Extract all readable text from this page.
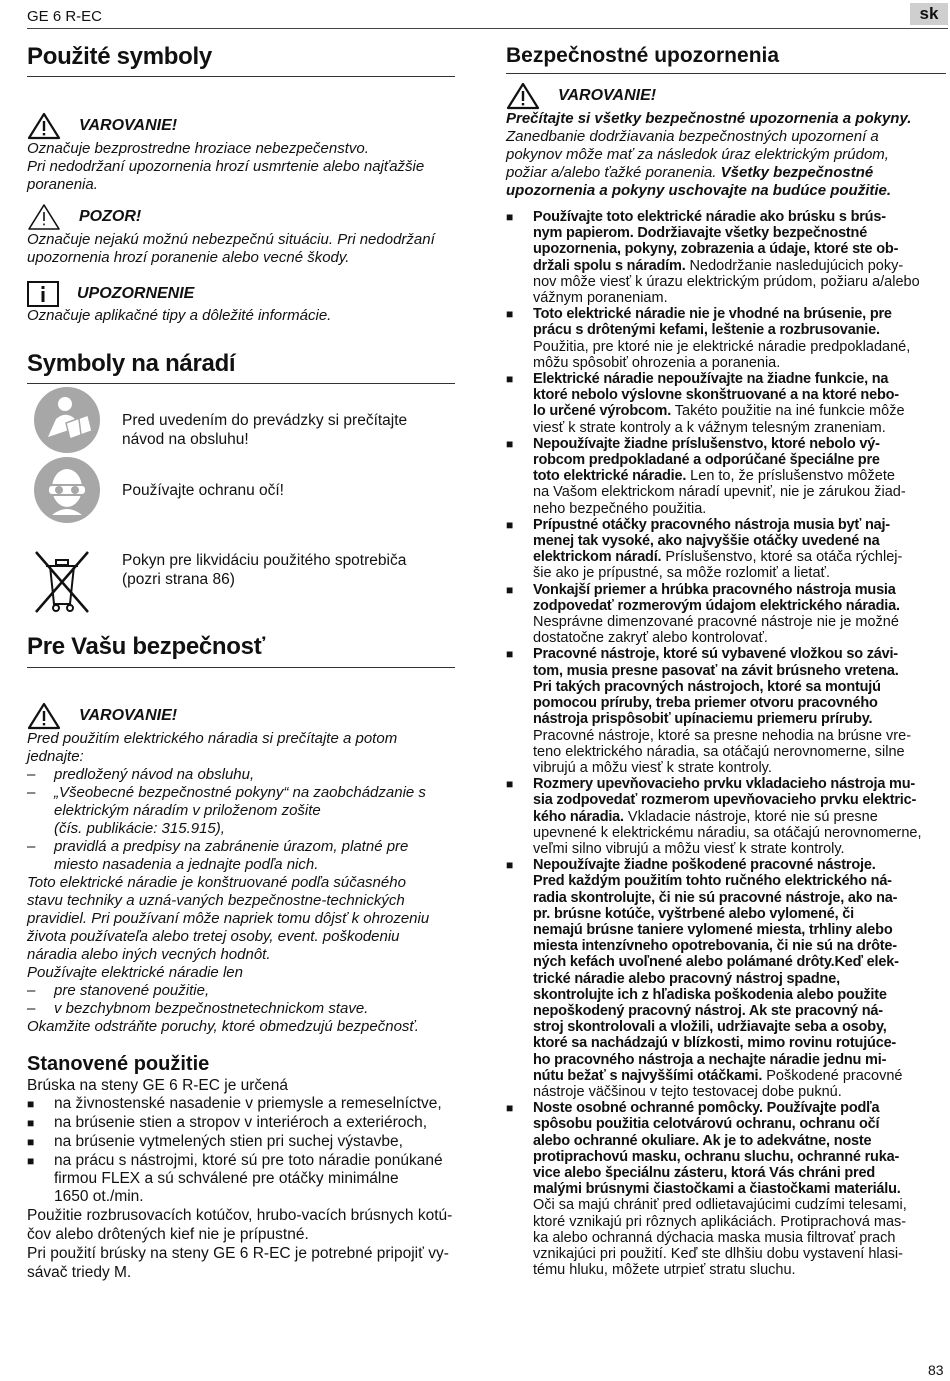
GE 6 R-EC	sk
Použité symboly
VAROVANIE!
Označuje bezprostredne hroziace nebezpečenstvo.
Pri nedodržaní upozornenia hrozí usmrtenie alebo najťažšie
poranenia.
POZOR!
Označuje nejakú možnú nebezpečnú situáciu. Pri nedodržaní
upozornenia hrozí poranenie alebo vecné škody.
UPOZORNENIE
Označuje aplikačné tipy a dôležité informácie.
Symboly na náradí
Pred uvedením do prevádzky si prečítajte
návod na obsluhu!
Používajte ochranu očí!
Pokyn pre likvidáciu použitého spotrebiča
(pozri strana 86)
Pre Vašu bezpečnosť
VAROVANIE!
Pred použitím elektrického náradia si prečítajte a potom
jednajte:
–	predložený návod na obsluhu,
–	„Všeobecné bezpečnostné pokyny“ na zaobchádzanie s
elektrickým náradím v priloženom zošite
(čís. publikácie: 315.915),
–	pravidlá a predpisy na zabránenie úrazom, platné pre
miesto nasadenia a jednajte podľa nich.
Toto elektrické náradie je konštruované podľa súčasného
stavu techniky a uzná-vaných bezpečnostne-technických
pravidiel. Pri používaní môže napriek tomu dôjsť k ohrozeniu
života používateľa alebo tretej osoby, event. poškodeniu
náradia alebo iných vecných hodnôt.
Používajte elektrické náradie len
–	pre stanovené použitie,
–	v bezchybnom bezpečnostnetechnickom stave.
Okamžite odstráňte poruchy, ktoré obmedzujú bezpečnosť.
Stanovené použitie
Brúska na steny GE 6 R-EC je určená
■	na živnostenské nasadenie v priemysle a remeselníctve,
■	na brúsenie stien a stropov v interiéroch a exteriéroch,
■	na brúsenie vytmelených stien pri suchej výstavbe,
■	na prácu s nástrojmi, ktoré sú pre toto náradie ponúkané
firmou FLEX a sú schválené pre otáčky minimálne
1650 ot./min.
Použitie rozbrusovacích kotúčov, hrubo-vacích brúsnych kotú-
čov alebo drôtených kief nie je prípustné.
Pri použití brúsky na steny GE 6 R-EC je potrebné pripojiť vy-
sávač triedy M.
Bezpečnostné upozornenia
VAROVANIE!
Prečítajte si všetky bezpečnostné upozornenia a pokyny.
Zanedbanie dodržiavania bezpečnostných upozornení a
pokynov môže mať za následok úraz elektrickým prúdom,
požiar a/alebo ťažké poranenia. Všetky bezpečnostné
upozornenia a pokyny uschovajte na budúce použitie.
■	Používajte toto elektrické náradie ako brúsku s brús-
nym papierom. Dodržiavajte všetky bezpečnostné
upozornenia, pokyny, zobrazenia a údaje, ktoré ste ob-
držali spolu s náradím. Nedodržanie nasledujúcich poky-
nov môže viesť k úrazu elektrickým prúdom, požiaru a/alebo
vážnym poraneniam.
■	Toto elektrické náradie nie je vhodné na brúsenie, pre
prácu s drôtenými kefami, leštenie a rozbrusovanie.
Použitia, pre ktoré nie je elektrické náradie predpokladané,
môžu spôsobiť ohrozenia a poranenia.
■	Elektrické náradie nepoužívajte na žiadne funkcie, na
ktoré nebolo výslovne skonštruované a na ktoré nebo-
lo určené výrobcom. Takéto použitie na iné funkcie môže
viesť k strate kontroly a k vážnym telesným zraneniam.
■	Nepoužívajte žiadne príslušenstvo, ktoré nebolo vý-
robcom predpokladané a odporúčané špeciálne pre
toto elektrické náradie. Len to, že príslušenstvo môžete
na Vašom elektrickom náradí upevniť, nie je zárukou žiad-
neho bezpečného použitia.
■	Prípustné otáčky pracovného nástroja musia byť naj-
menej tak vysoké, ako najvyššie otáčky uvedené na
elektrickom náradí. Príslušenstvo, ktoré sa otáča rýchlej-
šie ako je prípustné, sa môže rozlomiť a lietať.
■	Vonkajší priemer a hrúbka pracovného nástroja musia
zodpovedať rozmerovým údajom elektrického náradia.
Nesprávne dimenzované pracovné nástroje nie je možné
dostatočne zakryť alebo kontrolovať.
■	Pracovné nástroje, ktoré sú vybavené vložkou so závi-
tom, musia presne pasovať na závit brúsneho vretena.
Pri takých pracovných nástrojoch, ktoré sa montujú
pomocou príruby, treba priemer otvoru pracovného
nástroja prispôsobiť upínaciemu priemeru príruby.
Pracovné nástroje, ktoré sa presne nehodia na brúsne vre-
teno elektrického náradia, sa otáčajú nerovnomerne, silne
vibrujú a môžu viesť k strate kontroly.
■	Rozmery upevňovacieho prvku vkladacieho nástroja mu-
sia zodpovedať rozmerom upevňovacieho prvku elektric-
kého náradia. Vkladacie nástroje, ktoré nie sú presne
upevnené k elektrickému náradiu, sa otáčajú nerovnomerne,
veľmi silno vibrujú a môžu viesť k strate kontroly.
■	Nepoužívajte žiadne poškodené pracovné nástroje.
Pred každým použitím tohto ručného elektrického ná-
radia skontrolujte, či nie sú pracovné nástroje, ako na-
pr. brúsne kotúče, vyštrbené alebo vylomené, či
nemajú brúsne taniere vylomené miesta, trhliny alebo
miesta intenzívneho opotrebovania, či nie sú na drôte-
ných kefách uvoľnené alebo polámané drôty.Keď elek-
trické náradie alebo pracovný nástroj spadne,
skontrolujte ich z hľadiska poškodenia alebo použite
nepoškodený pracovný nástroj. Ak ste pracovný ná-
stroj skontrolovali a vložili, udržiavajte seba a osoby,
ktoré sa nachádzajú v blízkosti, mimo rovinu rotujúce-
ho pracovného nástroja a nechajte náradie jednu mi-
nútu bežať s najvyššími otáčkami. Poškodené pracovné
nástroje väčšinou v tejto testovacej dobe puknú.
■	Noste osobné ochranné pomôcky. Používajte podľa
spôsobu použitia celotvárovú ochranu, ochranu očí
alebo ochranné okuliare. Ak je to adekvátne, noste
protiprachovú masku, ochranu sluchu, ochranné ruka-
vice alebo špeciálnu zásteru, ktorá Vás chráni pred
malými brúsnymi čiastočkami a čiastočkami materiálu.
Oči sa majú chrániť pred odlietavajúcimi cudzími telesami,
ktoré vznikajú pri rôznych aplikáciách. Protiprachová mas-
ka alebo ochranná dýchacia maska musia filtrovať prach
vznikajúci pri použití. Keď ste dlhšiu dobu vystavení hlasi-
tému hluku, môžete utrpieť stratu sluchu.
83
